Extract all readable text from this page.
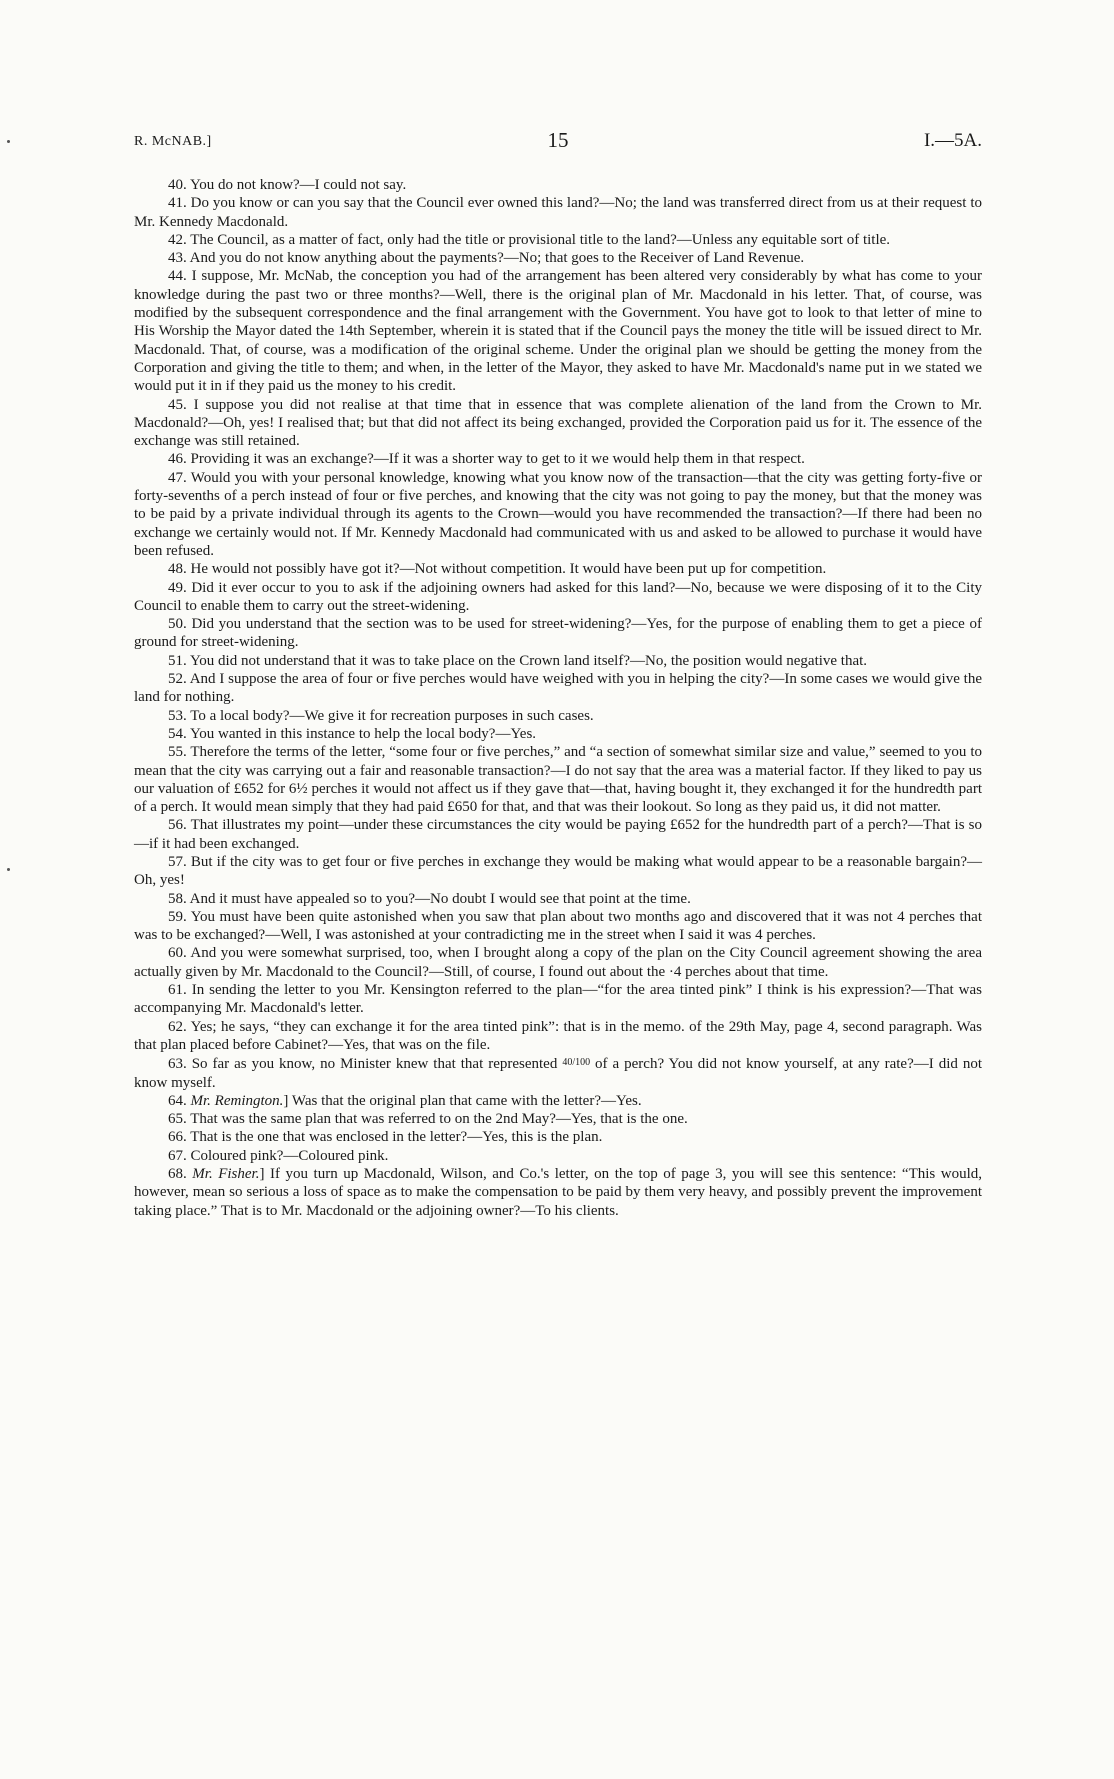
R. McNAB.]	15	I.—5A.

40. You do not know?—I could not say.

41. Do you know or can you say that the Council ever owned this land?—No; the land was transferred direct from us at their request to Mr. Kennedy Macdonald.

42. The Council, as a matter of fact, only had the title or provisional title to the land?—Unless any equitable sort of title.

43. And you do not know anything about the payments?—No; that goes to the Receiver of Land Revenue.

44. I suppose, Mr. McNab, the conception you had of the arrangement has been altered very considerably by what has come to your knowledge during the past two or three months?—Well, there is the original plan of Mr. Macdonald in his letter. That, of course, was modified by the subsequent correspondence and the final arrangement with the Government. You have got to look to that letter of mine to His Worship the Mayor dated the 14th September, wherein it is stated that if the Council pays the money the title will be issued direct to Mr. Macdonald. That, of course, was a modification of the original scheme. Under the original plan we should be getting the money from the Corporation and giving the title to them; and when, in the letter of the Mayor, they asked to have Mr. Macdonald's name put in we stated we would put it in if they paid us the money to his credit.

45. I suppose you did not realise at that time that in essence that was complete alienation of the land from the Crown to Mr. Macdonald?—Oh, yes! I realised that; but that did not affect its being exchanged, provided the Corporation paid us for it. The essence of the exchange was still retained.

46. Providing it was an exchange?—If it was a shorter way to get to it we would help them in that respect.

47. Would you with your personal knowledge, knowing what you know now of the transaction—that the city was getting forty-five or forty-sevenths of a perch instead of four or five perches, and knowing that the city was not going to pay the money, but that the money was to be paid by a private individual through its agents to the Crown—would you have recommended the transaction?—If there had been no exchange we certainly would not. If Mr. Kennedy Macdonald had communicated with us and asked to be allowed to purchase it would have been refused.

48. He would not possibly have got it?—Not without competition. It would have been put up for competition.

49. Did it ever occur to you to ask if the adjoining owners had asked for this land?—No, because we were disposing of it to the City Council to enable them to carry out the street-widening.

50. Did you understand that the section was to be used for street-widening?—Yes, for the purpose of enabling them to get a piece of ground for street-widening.

51. You did not understand that it was to take place on the Crown land itself?—No, the position would negative that.

52. And I suppose the area of four or five perches would have weighed with you in helping the city?—In some cases we would give the land for nothing.

53. To a local body?—We give it for recreation purposes in such cases.

54. You wanted in this instance to help the local body?—Yes.

55. Therefore the terms of the letter, “some four or five perches,” and “a section of somewhat similar size and value,” seemed to you to mean that the city was carrying out a fair and reasonable transaction?—I do not say that the area was a material factor. If they liked to pay us our valuation of £652 for 6½ perches it would not affect us if they gave that—that, having bought it, they exchanged it for the hundredth part of a perch. It would mean simply that they had paid £650 for that, and that was their lookout. So long as they paid us, it did not matter.

56. That illustrates my point—under these circumstances the city would be paying £652 for the hundredth part of a perch?—That is so—if it had been exchanged.

57. But if the city was to get four or five perches in exchange they would be making what would appear to be a reasonable bargain?—Oh, yes!

58. And it must have appealed so to you?—No doubt I would see that point at the time.

59. You must have been quite astonished when you saw that plan about two months ago and discovered that it was not 4 perches that was to be exchanged?—Well, I was astonished at your contradicting me in the street when I said it was 4 perches.

60. And you were somewhat surprised, too, when I brought along a copy of the plan on the City Council agreement showing the area actually given by Mr. Macdonald to the Council?—Still, of course, I found out about the ·4 perches about that time.

61. In sending the letter to you Mr. Kensington referred to the plan—“for the area tinted pink” I think is his expression?—That was accompanying Mr. Macdonald's letter.

62. Yes; he says, “they can exchange it for the area tinted pink”: that is in the memo. of the 29th May, page 4, second paragraph. Was that plan placed before Cabinet?—Yes, that was on the file.

63. So far as you know, no Minister knew that that represented $^{40/100}$ of a perch? You did not know yourself, at any rate?—I did not know myself.

64. Mr. Remington.] Was that the original plan that came with the letter?—Yes.

65. That was the same plan that was referred to on the 2nd May?—Yes, that is the one.

66. That is the one that was enclosed in the letter?—Yes, this is the plan.

67. Coloured pink?—Coloured pink.

68. Mr. Fisher.] If you turn up Macdonald, Wilson, and Co.'s letter, on the top of page 3, you will see this sentence: “This would, however, mean so serious a loss of space as to make the compensation to be paid by them very heavy, and possibly prevent the improvement taking place.” That is to Mr. Macdonald or the adjoining owner?—To his clients.
